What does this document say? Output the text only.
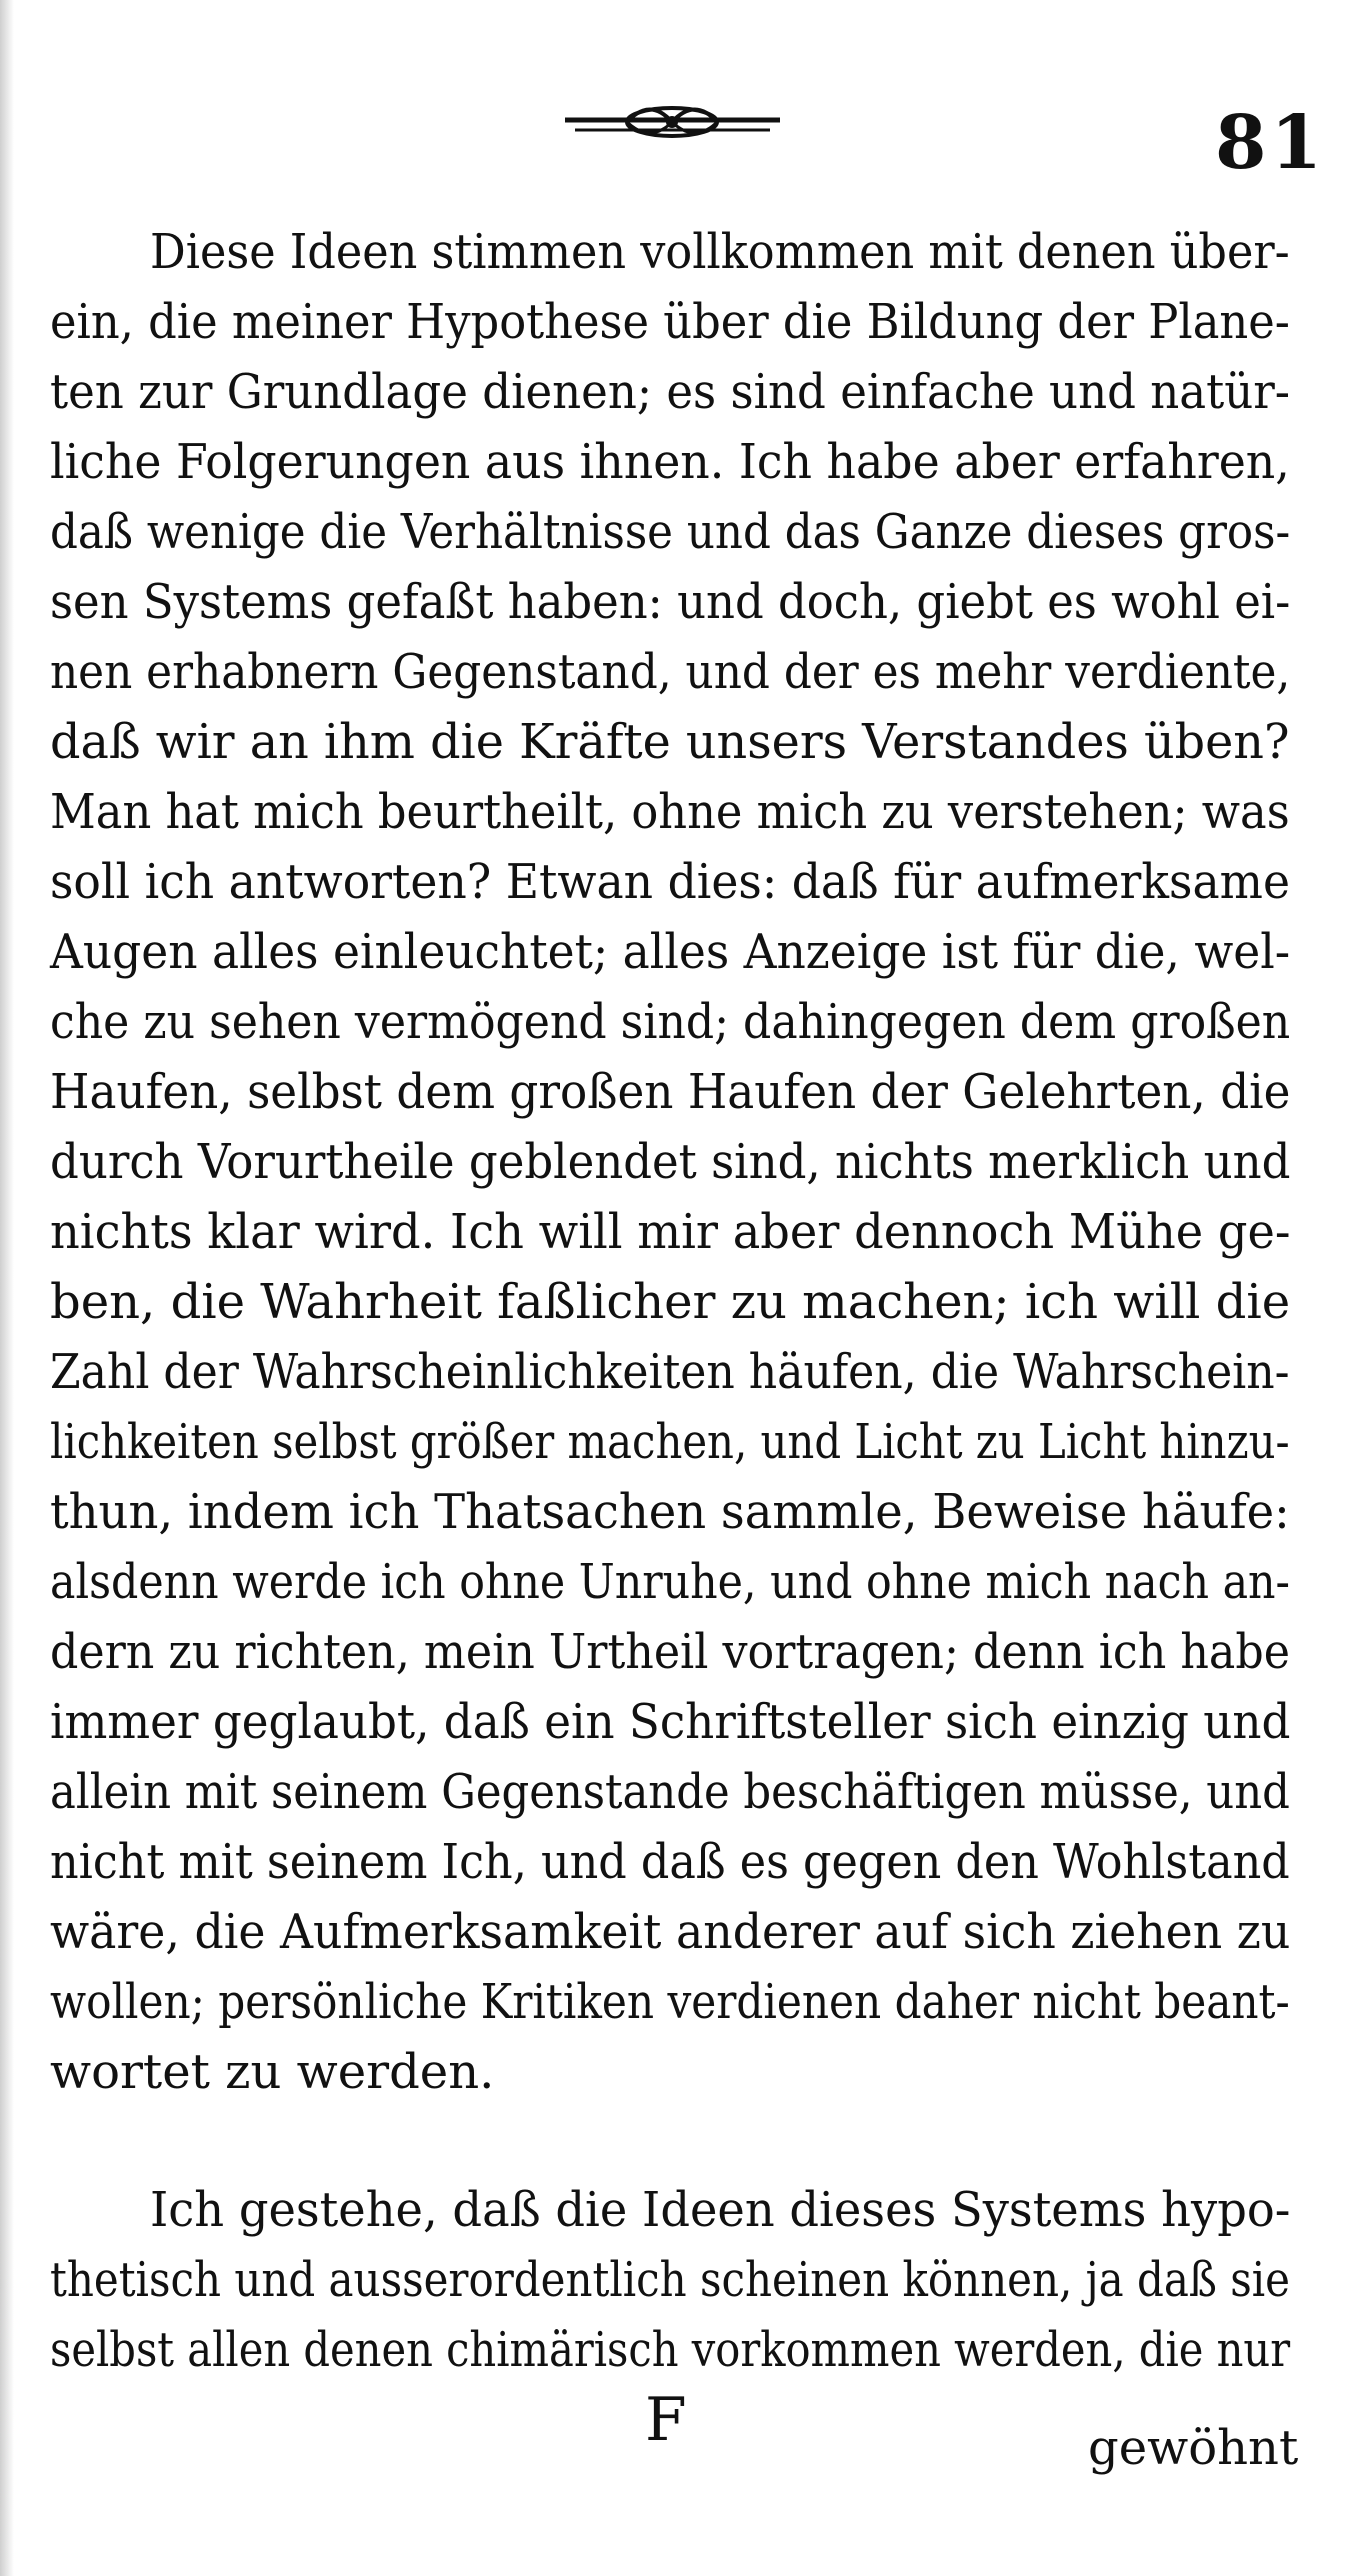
81
Diese Ideen stimmen vollkommen mit denen über-
ein, die meiner Hypothese über die Bildung der Plane-
ten zur Grundlage dienen; es sind einfache und natür-
liche Folgerungen aus ihnen. Ich habe aber erfahren,
daß wenige die Verhältnisse und das Ganze dieses gros-
sen Systems gefaßt haben: und doch, giebt es wohl ei-
nen erhabnern Gegenstand, und der es mehr verdiente,
daß wir an ihm die Kräfte unsers Verstandes üben?
Man hat mich beurtheilt, ohne mich zu verstehen; was
soll ich antworten? Etwan dies: daß für aufmerksame
Augen alles einleuchtet; alles Anzeige ist für die, wel-
che zu sehen vermögend sind; dahingegen dem großen
Haufen, selbst dem großen Haufen der Gelehrten, die
durch Vorurtheile geblendet sind, nichts merklich und
nichts klar wird. Ich will mir aber dennoch Mühe ge-
ben, die Wahrheit faßlicher zu machen; ich will die
Zahl der Wahrscheinlichkeiten häufen, die Wahrschein-
lichkeiten selbst größer machen, und Licht zu Licht hinzu-
thun, indem ich Thatsachen sammle, Beweise häufe:
alsdenn werde ich ohne Unruhe, und ohne mich nach an-
dern zu richten, mein Urtheil vortragen; denn ich habe
immer geglaubt, daß ein Schriftsteller sich einzig und
allein mit seinem Gegenstande beschäftigen müsse, und
nicht mit seinem Ich, und daß es gegen den Wohlstand
wäre, die Aufmerksamkeit anderer auf sich ziehen zu
wollen; persönliche Kritiken verdienen daher nicht beant-
wortet zu werden.
Ich gestehe, daß die Ideen dieses Systems hypo-
thetisch und ausserordentlich scheinen können, ja daß sie
selbst allen denen chimärisch vorkommen werden, die nur
F	gewöhnt
